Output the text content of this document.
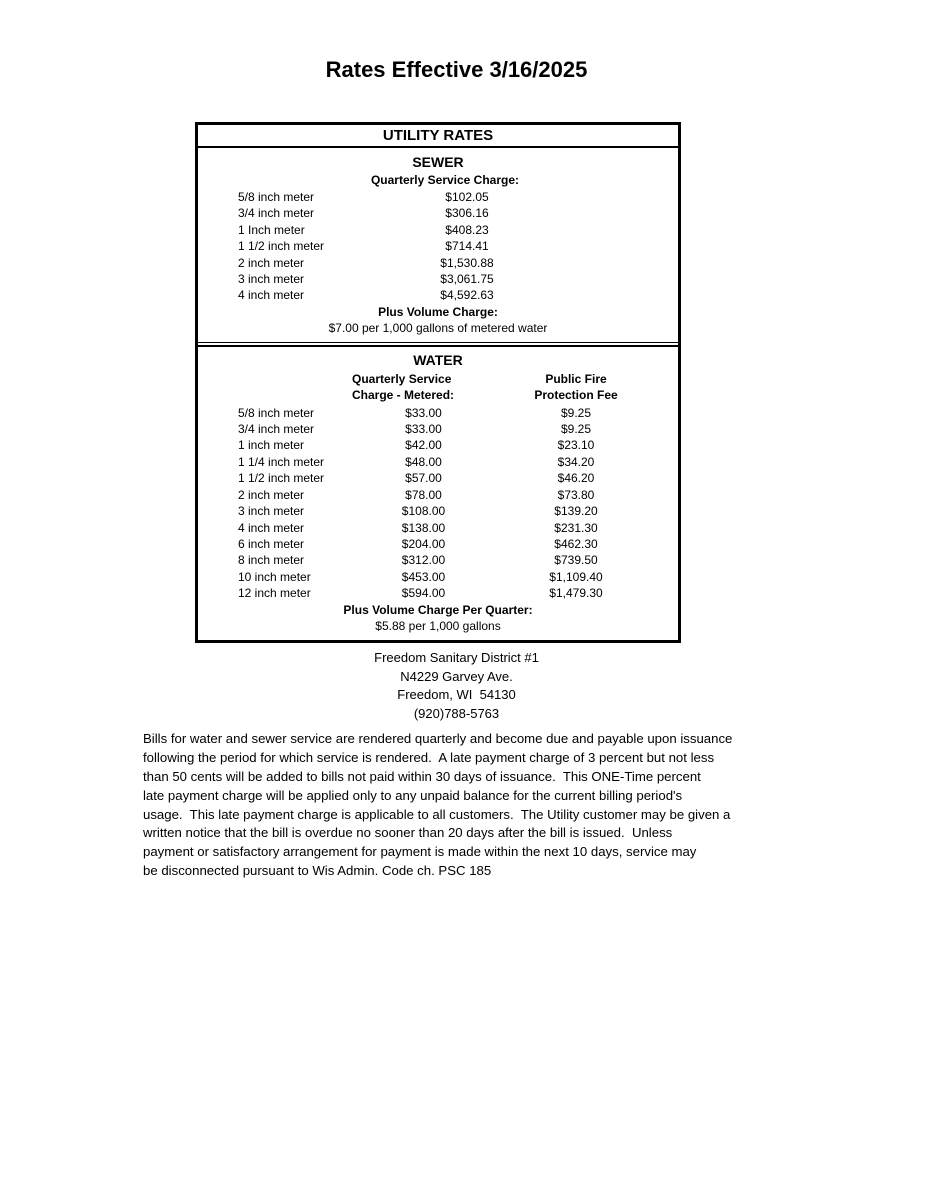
Rates Effective 3/16/2025
UTILITY RATES
SEWER
Quarterly Service Charge:
5/8 inch meter	$102.05
3/4 inch meter	$306.16
1 Inch meter	$408.23
1 1/2 inch meter	$714.41
2 inch meter	$1,530.88
3 inch meter	$3,061.75
4 inch meter	$4,592.63
Plus Volume Charge:
$7.00 per 1,000 gallons of metered water
WATER
Quarterly Service
Charge - Metered:
Public Fire
Protection Fee
5/8 inch meter	$33.00	$9.25
3/4 inch meter	$33.00	$9.25
1 inch meter	$42.00	$23.10
1 1/4 inch meter	$48.00	$34.20
1 1/2 inch meter	$57.00	$46.20
2 inch meter	$78.00	$73.80
3 inch meter	$108.00	$139.20
4 inch meter	$138.00	$231.30
6 inch meter	$204.00	$462.30
8 inch meter	$312.00	$739.50
10 inch meter	$453.00	$1,109.40
12 inch meter	$594.00	$1,479.30
Plus Volume Charge Per Quarter:
$5.88 per 1,000 gallons
Freedom Sanitary District #1
N4229 Garvey Ave.
Freedom, WI  54130
(920)788-5763
Bills for water and sewer service are rendered quarterly and become due and payable upon issuance
following the period for which service is rendered.  A late payment charge of 3 percent but not less
than 50 cents will be added to bills not paid within 30 days of issuance.  This ONE-Time percent
late payment charge will be applied only to any unpaid balance for the current billing period's
usage.  This late payment charge is applicable to all customers.  The Utility customer may be given a
written notice that the bill is overdue no sooner than 20 days after the bill is issued.  Unless
payment or satisfactory arrangement for payment is made within the next 10 days, service may
be disconnected pursuant to Wis Admin. Code ch. PSC 185
